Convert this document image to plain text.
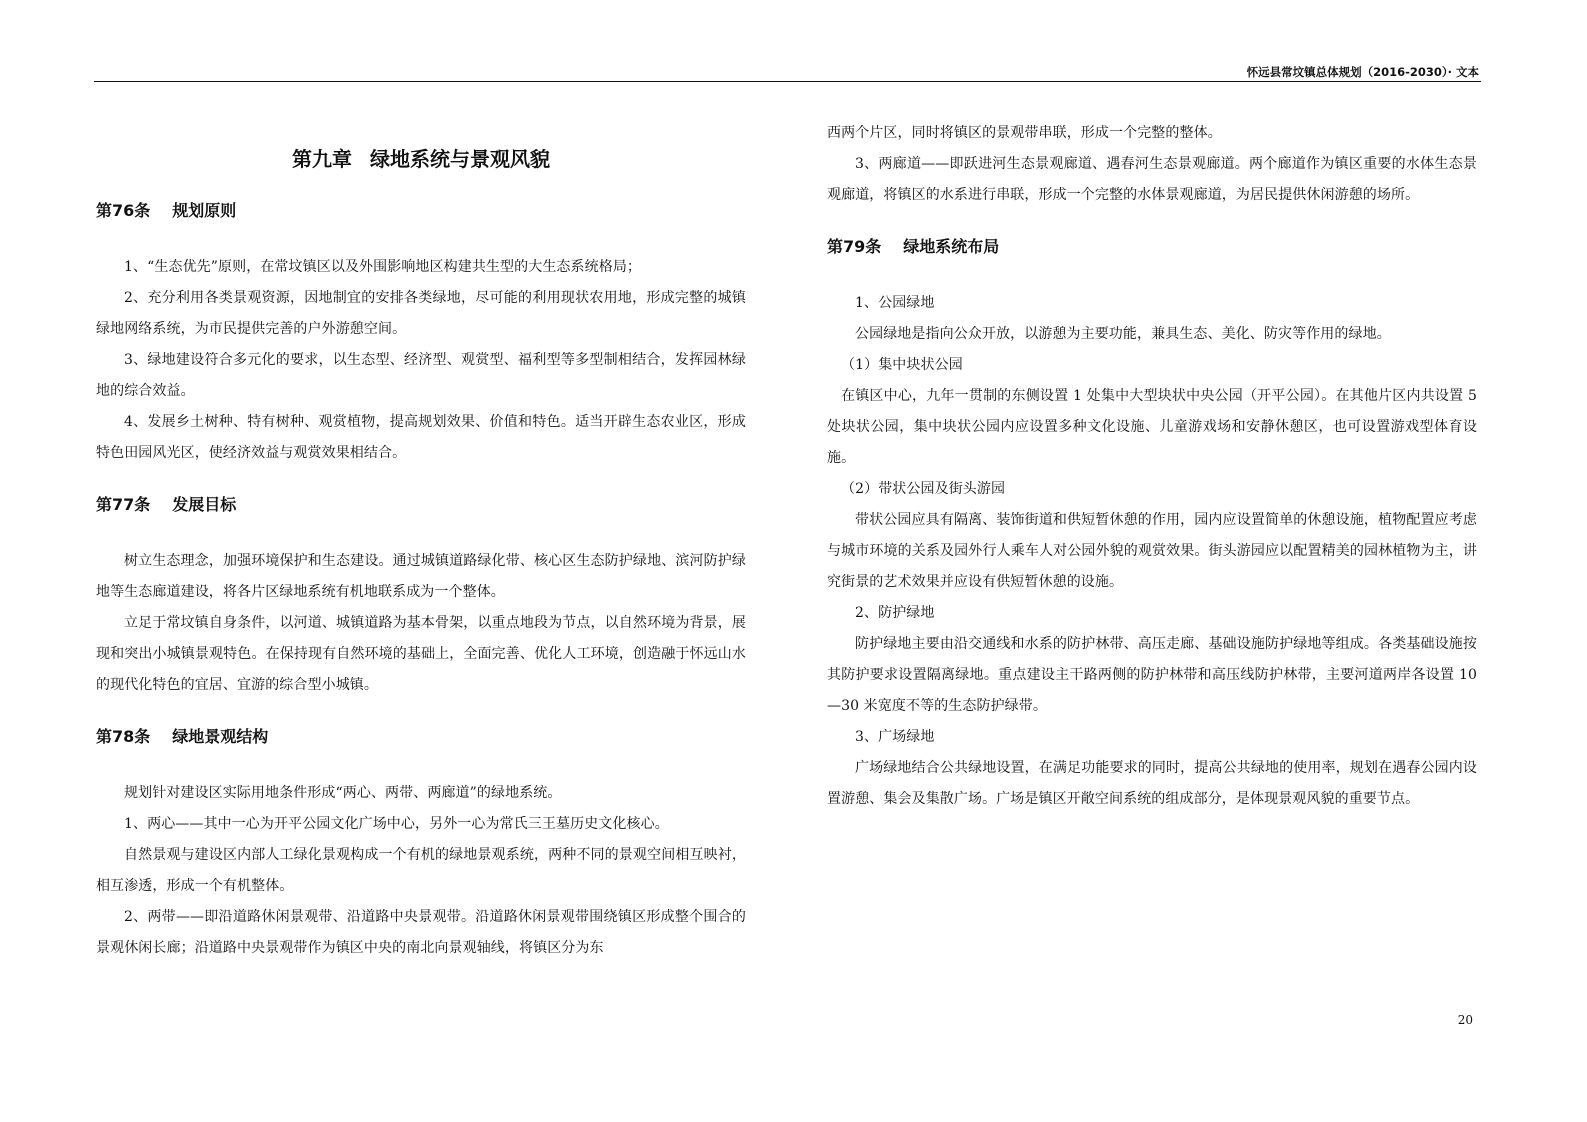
怀远县常坟镇总体规划（2016-2030）· 文本
第九章 绿地系统与景观风貌
第76条 规划原则

1、“生态优先”原则，在常坟镇区以及外围影响地区构建共生型的大生态系统格局；

2、充分利用各类景观资源，因地制宜的安排各类绿地，尽可能的利用现状农用地，形成完整的城镇绿地网络系统，为市民提供完善的户外游憩空间。

3、绿地建设符合多元化的要求，以生态型、经济型、观赏型、福利型等多型制相结合，发挥园林绿地的综合效益。

4、发展乡土树种、特有树种、观赏植物，提高规划效果、价值和特色。适当开辟生态农业区，形成特色田园风光区，使经济效益与观赏效果相结合。

第77条 发展目标

树立生态理念，加强环境保护和生态建设。通过城镇道路绿化带、核心区生态防护绿地、滨河防护绿地等生态廊道建设，将各片区绿地系统有机地联系成为一个整体。

立足于常坟镇自身条件，以河道、城镇道路为基本骨架，以重点地段为节点，以自然环境为背景，展现和突出小城镇景观特色。在保持现有自然环境的基础上，全面完善、优化人工环境，创造融于怀远山水的现代化特色的宜居、宜游的综合型小城镇。

第78条 绿地景观结构

规划针对建设区实际用地条件形成“两心、两带、两廊道”的绿地系统。

1、两心——其中一心为开平公园文化广场中心，另外一心为常氏三王墓历史文化核心。

自然景观与建设区内部人工绿化景观构成一个有机的绿地景观系统，两种不同的景观空间相互映衬，相互渗透，形成一个有机整体。

2、两带——即沿道路休闲景观带、沿道路中央景观带。沿道路休闲景观带围绕镇区形成整个围合的景观休闲长廊；沿道路中央景观带作为镇区中央的南北向景观轴线，将镇区分为东

西两个片区，同时将镇区的景观带串联，形成一个完整的整体。

3、两廊道——即跃进河生态景观廊道、遇春河生态景观廊道。两个廊道作为镇区重要的水体生态景观廊道，将镇区的水系进行串联，形成一个完整的水体景观廊道，为居民提供休闲游憩的场所。

第79条 绿地系统布局

1、公园绿地

公园绿地是指向公众开放，以游憩为主要功能，兼具生态、美化、防灾等作用的绿地。

（1）集中块状公园

在镇区中心，九年一贯制的东侧设置 1 处集中大型块状中央公园（开平公园）。在其他片区内共设置 5 处块状公园，集中块状公园内应设置多种文化设施、儿童游戏场和安静休憩区，也可设置游戏型体育设施。

（2）带状公园及街头游园

带状公园应具有隔离、装饰街道和供短暂休憩的作用，园内应设置简单的休憩设施，植物配置应考虑与城市环境的关系及园外行人乘车人对公园外貌的观赏效果。街头游园应以配置精美的园林植物为主，讲究街景的艺术效果并应设有供短暂休憩的设施。

2、防护绿地

防护绿地主要由沿交通线和水系的防护林带、高压走廊、基础设施防护绿地等组成。各类基础设施按其防护要求设置隔离绿地。重点建设主干路两侧的防护林带和高压线防护林带，主要河道两岸各设置 10—30 米宽度不等的生态防护绿带。

3、广场绿地

广场绿地结合公共绿地设置，在满足功能要求的同时，提高公共绿地的使用率，规划在遇春公园内设置游憩、集会及集散广场。广场是镇区开敞空间系统的组成部分，是体现景观风貌的重要节点。

20
